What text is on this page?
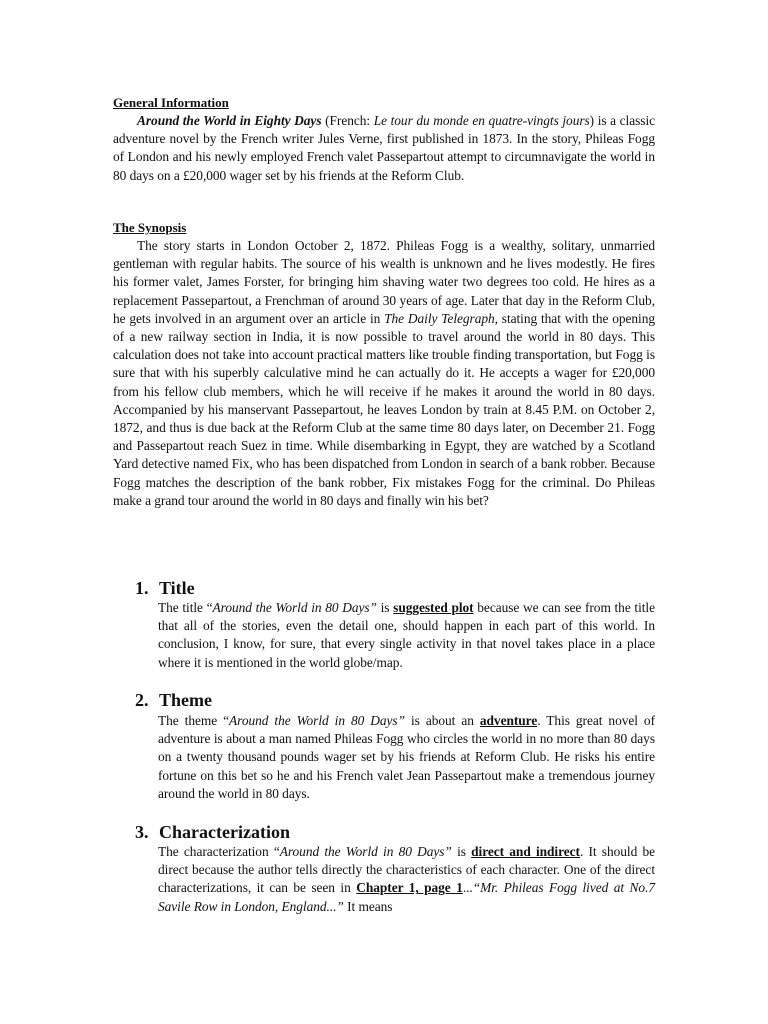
General Information

Around the World in Eighty Days (French: Le tour du monde en quatre-vingts jours) is a classic adventure novel by the French writer Jules Verne, first published in 1873. In the story, Phileas Fogg of London and his newly employed French valet Passepartout attempt to circumnavigate the world in 80 days on a £20,000 wager set by his friends at the Reform Club.

The Synopsis

The story starts in London October 2, 1872. Phileas Fogg is a wealthy, solitary, unmarried gentleman with regular habits. The source of his wealth is unknown and he lives modestly. He fires his former valet, James Forster, for bringing him shaving water two degrees too cold. He hires as a replacement Passepartout, a Frenchman of around 30 years of age. Later that day in the Reform Club, he gets involved in an argument over an article in The Daily Telegraph, stating that with the opening of a new railway section in India, it is now possible to travel around the world in 80 days. This calculation does not take into account practical matters like trouble finding transportation, but Fogg is sure that with his superbly calculative mind he can actually do it. He accepts a wager for £20,000 from his fellow club members, which he will receive if he makes it around the world in 80 days. Accompanied by his manservant Passepartout, he leaves London by train at 8.45 P.M. on October 2, 1872, and thus is due back at the Reform Club at the same time 80 days later, on December 21. Fogg and Passepartout reach Suez in time. While disembarking in Egypt, they are watched by a Scotland Yard detective named Fix, who has been dispatched from London in search of a bank robber. Because Fogg matches the description of the bank robber, Fix mistakes Fogg for the criminal. Do Phileas make a grand tour around the world in 80 days and finally win his bet?

1. Title

The title “Around the World in 80 Days” is suggested plot because we can see from the title that all of the stories, even the detail one, should happen in each part of this world. In conclusion, I know, for sure, that every single activity in that novel takes place in a place where it is mentioned in the world globe/map.

2. Theme

The theme “Around the World in 80 Days” is about an adventure. This great novel of adventure is about a man named Phileas Fogg who circles the world in no more than 80 days on a twenty thousand pounds wager set by his friends at Reform Club. He risks his entire fortune on this bet so he and his French valet Jean Passepartout make a tremendous journey around the world in 80 days.

3. Characterization

The characterization “Around the World in 80 Days” is direct and indirect. It should be direct because the author tells directly the characteristics of each character. One of the direct characterizations, it can be seen in Chapter 1, page 1...“Mr. Phileas Fogg lived at No.7 Savile Row in London, England...” It means
